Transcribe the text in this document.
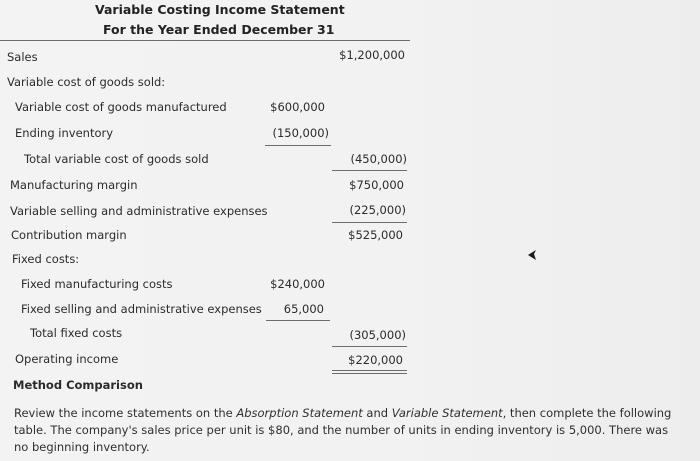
Variable Costing Income Statement
For the Year Ended December 31
Sales	$1,200,000
Variable cost of goods sold:
Variable cost of goods manufactured	$600,000
Ending inventory	(150,000)
Total variable cost of goods sold	(450,000)
Manufacturing margin	$750,000
Variable selling and administrative expenses	(225,000)
Contribution margin	$525,000
Fixed costs:
Fixed manufacturing costs	$240,000
Fixed selling and administrative expenses 65,000
Total fixed costs	(305,000)
Operating income	$220,000
Method Comparison
Review the income statements on the Absorption Statement and Variable Statement, then complete the following table. The company's sales price per unit is $80, and the number of units in ending inventory is 5,000. There was no beginning inventory.
